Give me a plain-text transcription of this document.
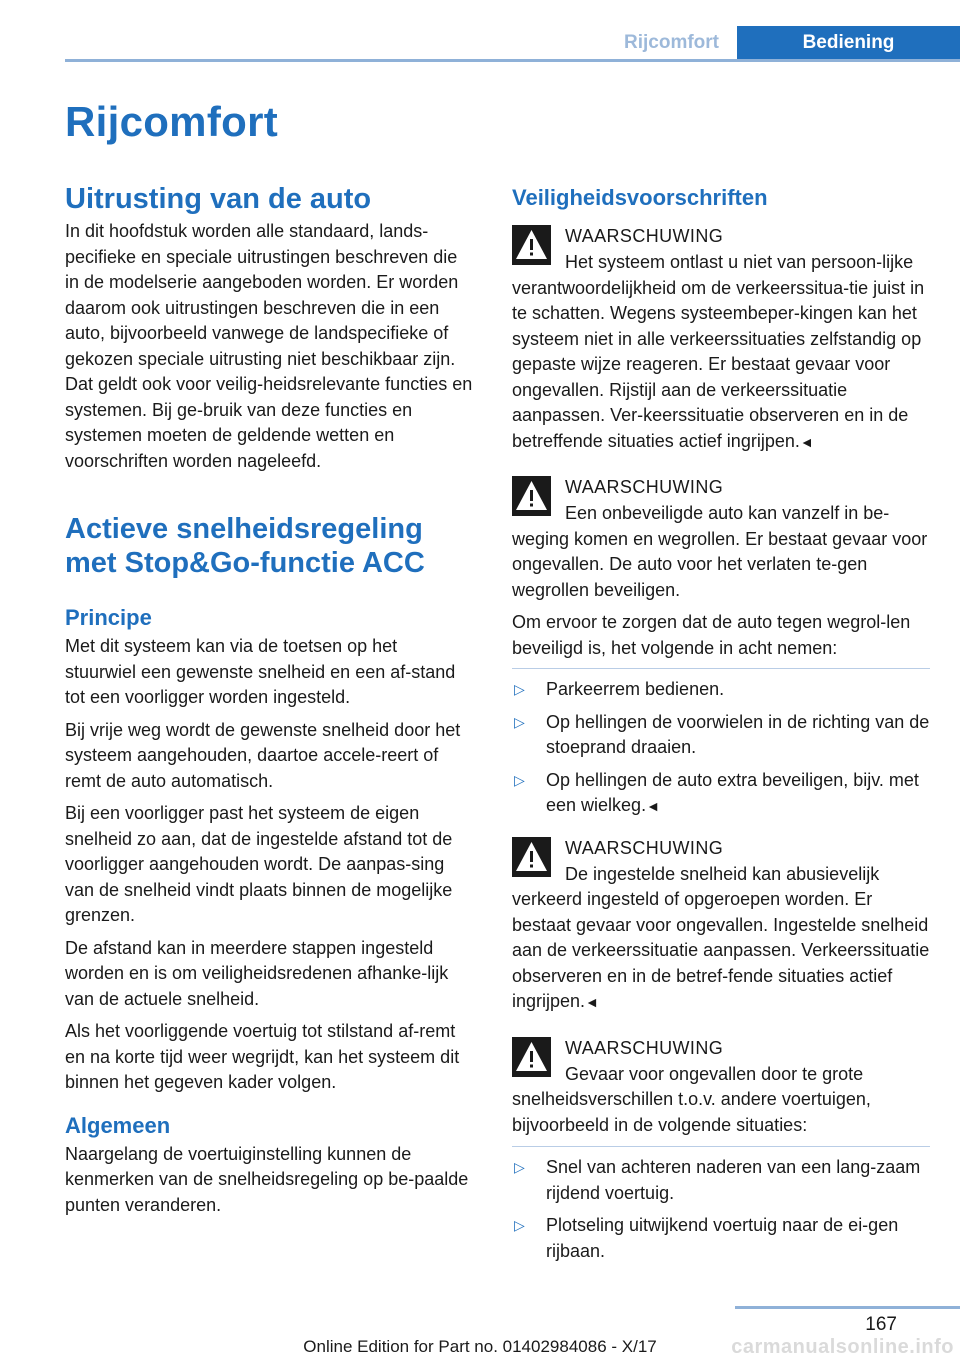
Rijcomfort	Bediening
Rijcomfort
Uitrusting van de auto

In dit hoofdstuk worden alle standaard, lands-pecifieke en speciale uitrustingen beschreven die in de modelserie aangeboden worden. Er worden daarom ook uitrustingen beschreven die in een auto, bijvoorbeeld vanwege de landspecifieke of gekozen speciale uitrusting niet beschikbaar zijn. Dat geldt ook voor veilig-heidsrelevante functies en systemen. Bij ge-bruik van deze functies en systemen moeten de geldende wetten en voorschriften worden nageleefd.

Actieve snelheidsregeling met Stop&Go-functie ACC
Principe

Met dit systeem kan via de toetsen op het stuurwiel een gewenste snelheid en een af-stand tot een voorligger worden ingesteld.

Bij vrije weg wordt de gewenste snelheid door het systeem aangehouden, daartoe accele-reert of remt de auto automatisch.

Bij een voorligger past het systeem de eigen snelheid zo aan, dat de ingestelde afstand tot de voorligger aangehouden wordt. De aanpas-sing van de snelheid vindt plaats binnen de mogelijke grenzen.

De afstand kan in meerdere stappen ingesteld worden en is om veiligheidsredenen afhanke-lijk van de actuele snelheid.

Als het voorliggende voertuig tot stilstand af-remt en na korte tijd weer wegrijdt, kan het systeem dit binnen het gegeven kader volgen.

Algemeen

Naargelang de voertuiginstelling kunnen de kenmerken van de snelheidsregeling op be-paalde punten veranderen.

Veiligheidsvoorschriften

WAARSCHUWING

Het systeem ontlast u niet van persoon-lijke verantwoordelijkheid om de verkeerssitua-tie juist in te schatten. Wegens systeembeper-kingen kan het systeem niet in alle verkeerssituaties zelfstandig op gepaste wijze reageren. Er bestaat gevaar voor ongevallen. Rijstijl aan de verkeerssituatie aanpassen. Ver-keerssituatie observeren en in de betreffende situaties actief ingrijpen.◄

WAARSCHUWING

Een onbeveiligde auto kan vanzelf in be-weging komen en wegrollen. Er bestaat gevaar voor ongevallen. De auto voor het verlaten te-gen wegrollen beveiligen.

Om ervoor te zorgen dat de auto tegen wegrol-len beveiligd is, het volgende in acht nemen:

▷ Parkeerrem bedienen.
▷ Op hellingen de voorwielen in de richting van de stoeprand draaien.
▷ Op hellingen de auto extra beveiligen, bijv. met een wielkeg.◄

WAARSCHUWING

De ingestelde snelheid kan abusievelijk verkeerd ingesteld of opgeroepen worden. Er bestaat gevaar voor ongevallen. Ingestelde snelheid aan de verkeerssituatie aanpassen. Verkeerssituatie observeren en in de betref-fende situaties actief ingrijpen.◄

WAARSCHUWING

Gevaar voor ongevallen door te grote snelheidsverschillen t.o.v. andere voertuigen, bijvoorbeeld in de volgende situaties:

▷ Snel van achteren naderen van een lang-zaam rijdend voertuig.
▷ Plotseling uitwijkend voertuig naar de ei-gen rijbaan.
167
Online Edition for Part no. 01402984086 - X/17	carmanualsonline.info
